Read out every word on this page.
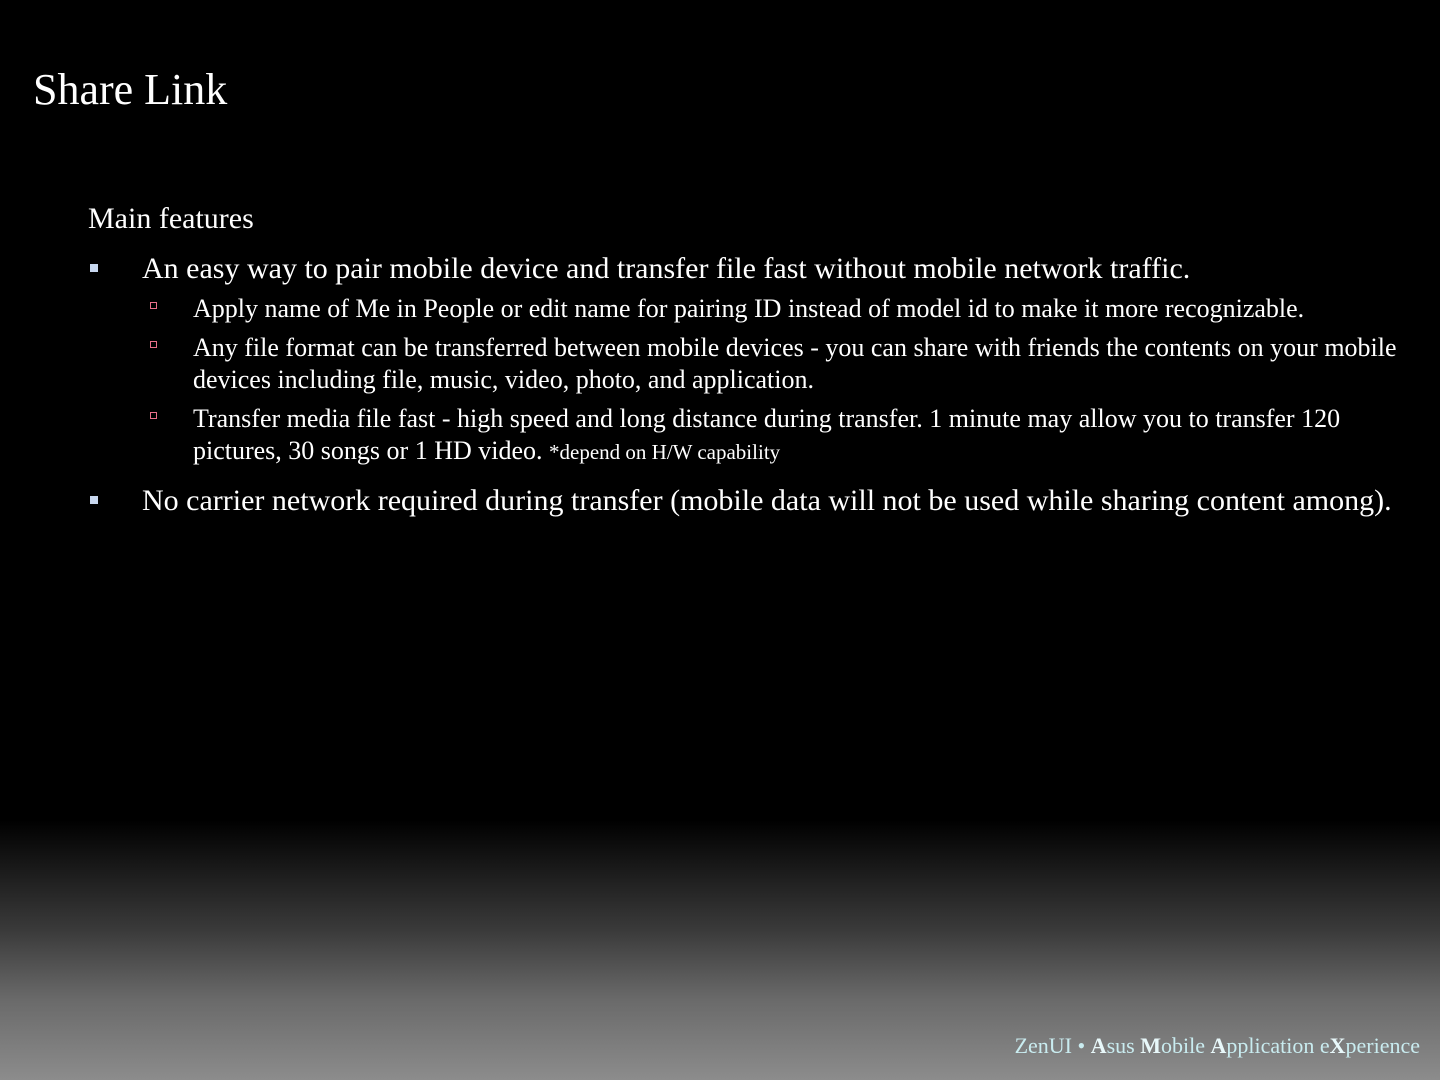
Share Link
Main features
An easy way to pair mobile device and transfer file fast without mobile network traffic.
Apply name of Me in People or edit name for pairing ID instead of model id to make it more recognizable.
Any file format can be transferred between mobile devices - you can share with friends the contents on your mobile devices including file, music, video, photo, and application.
Transfer media file fast - high speed and long distance during transfer. 1 minute may allow you to transfer 120 pictures, 30 songs or 1 HD video. *depend on H/W capability
No carrier network required during transfer (mobile data will not be used while sharing content among).
ZenUI • Asus Mobile Application eXperience
